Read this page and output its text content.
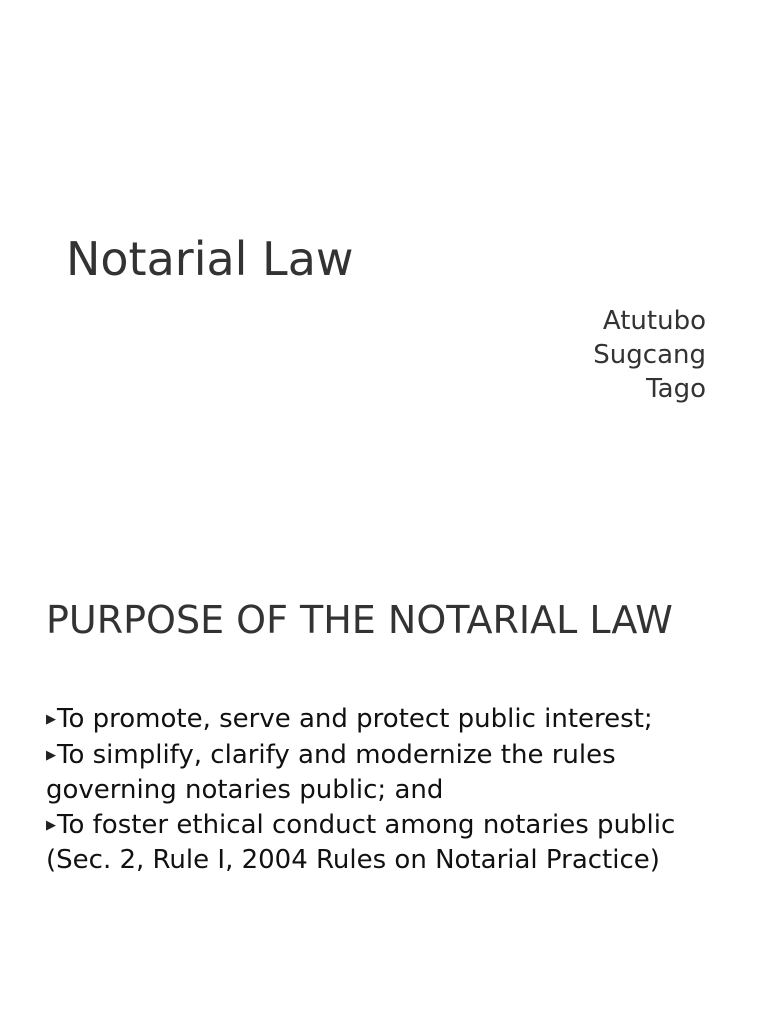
Notarial Law
Atutubo
Sugcang
Tago
PURPOSE OF THE NOTARIAL LAW

▶To promote, serve and protect public interest;

▶To simplify, clarify and modernize the rules governing notaries public; and

▶To foster ethical conduct among notaries public

(Sec. 2, Rule I, 2004 Rules on Notarial Practice)
